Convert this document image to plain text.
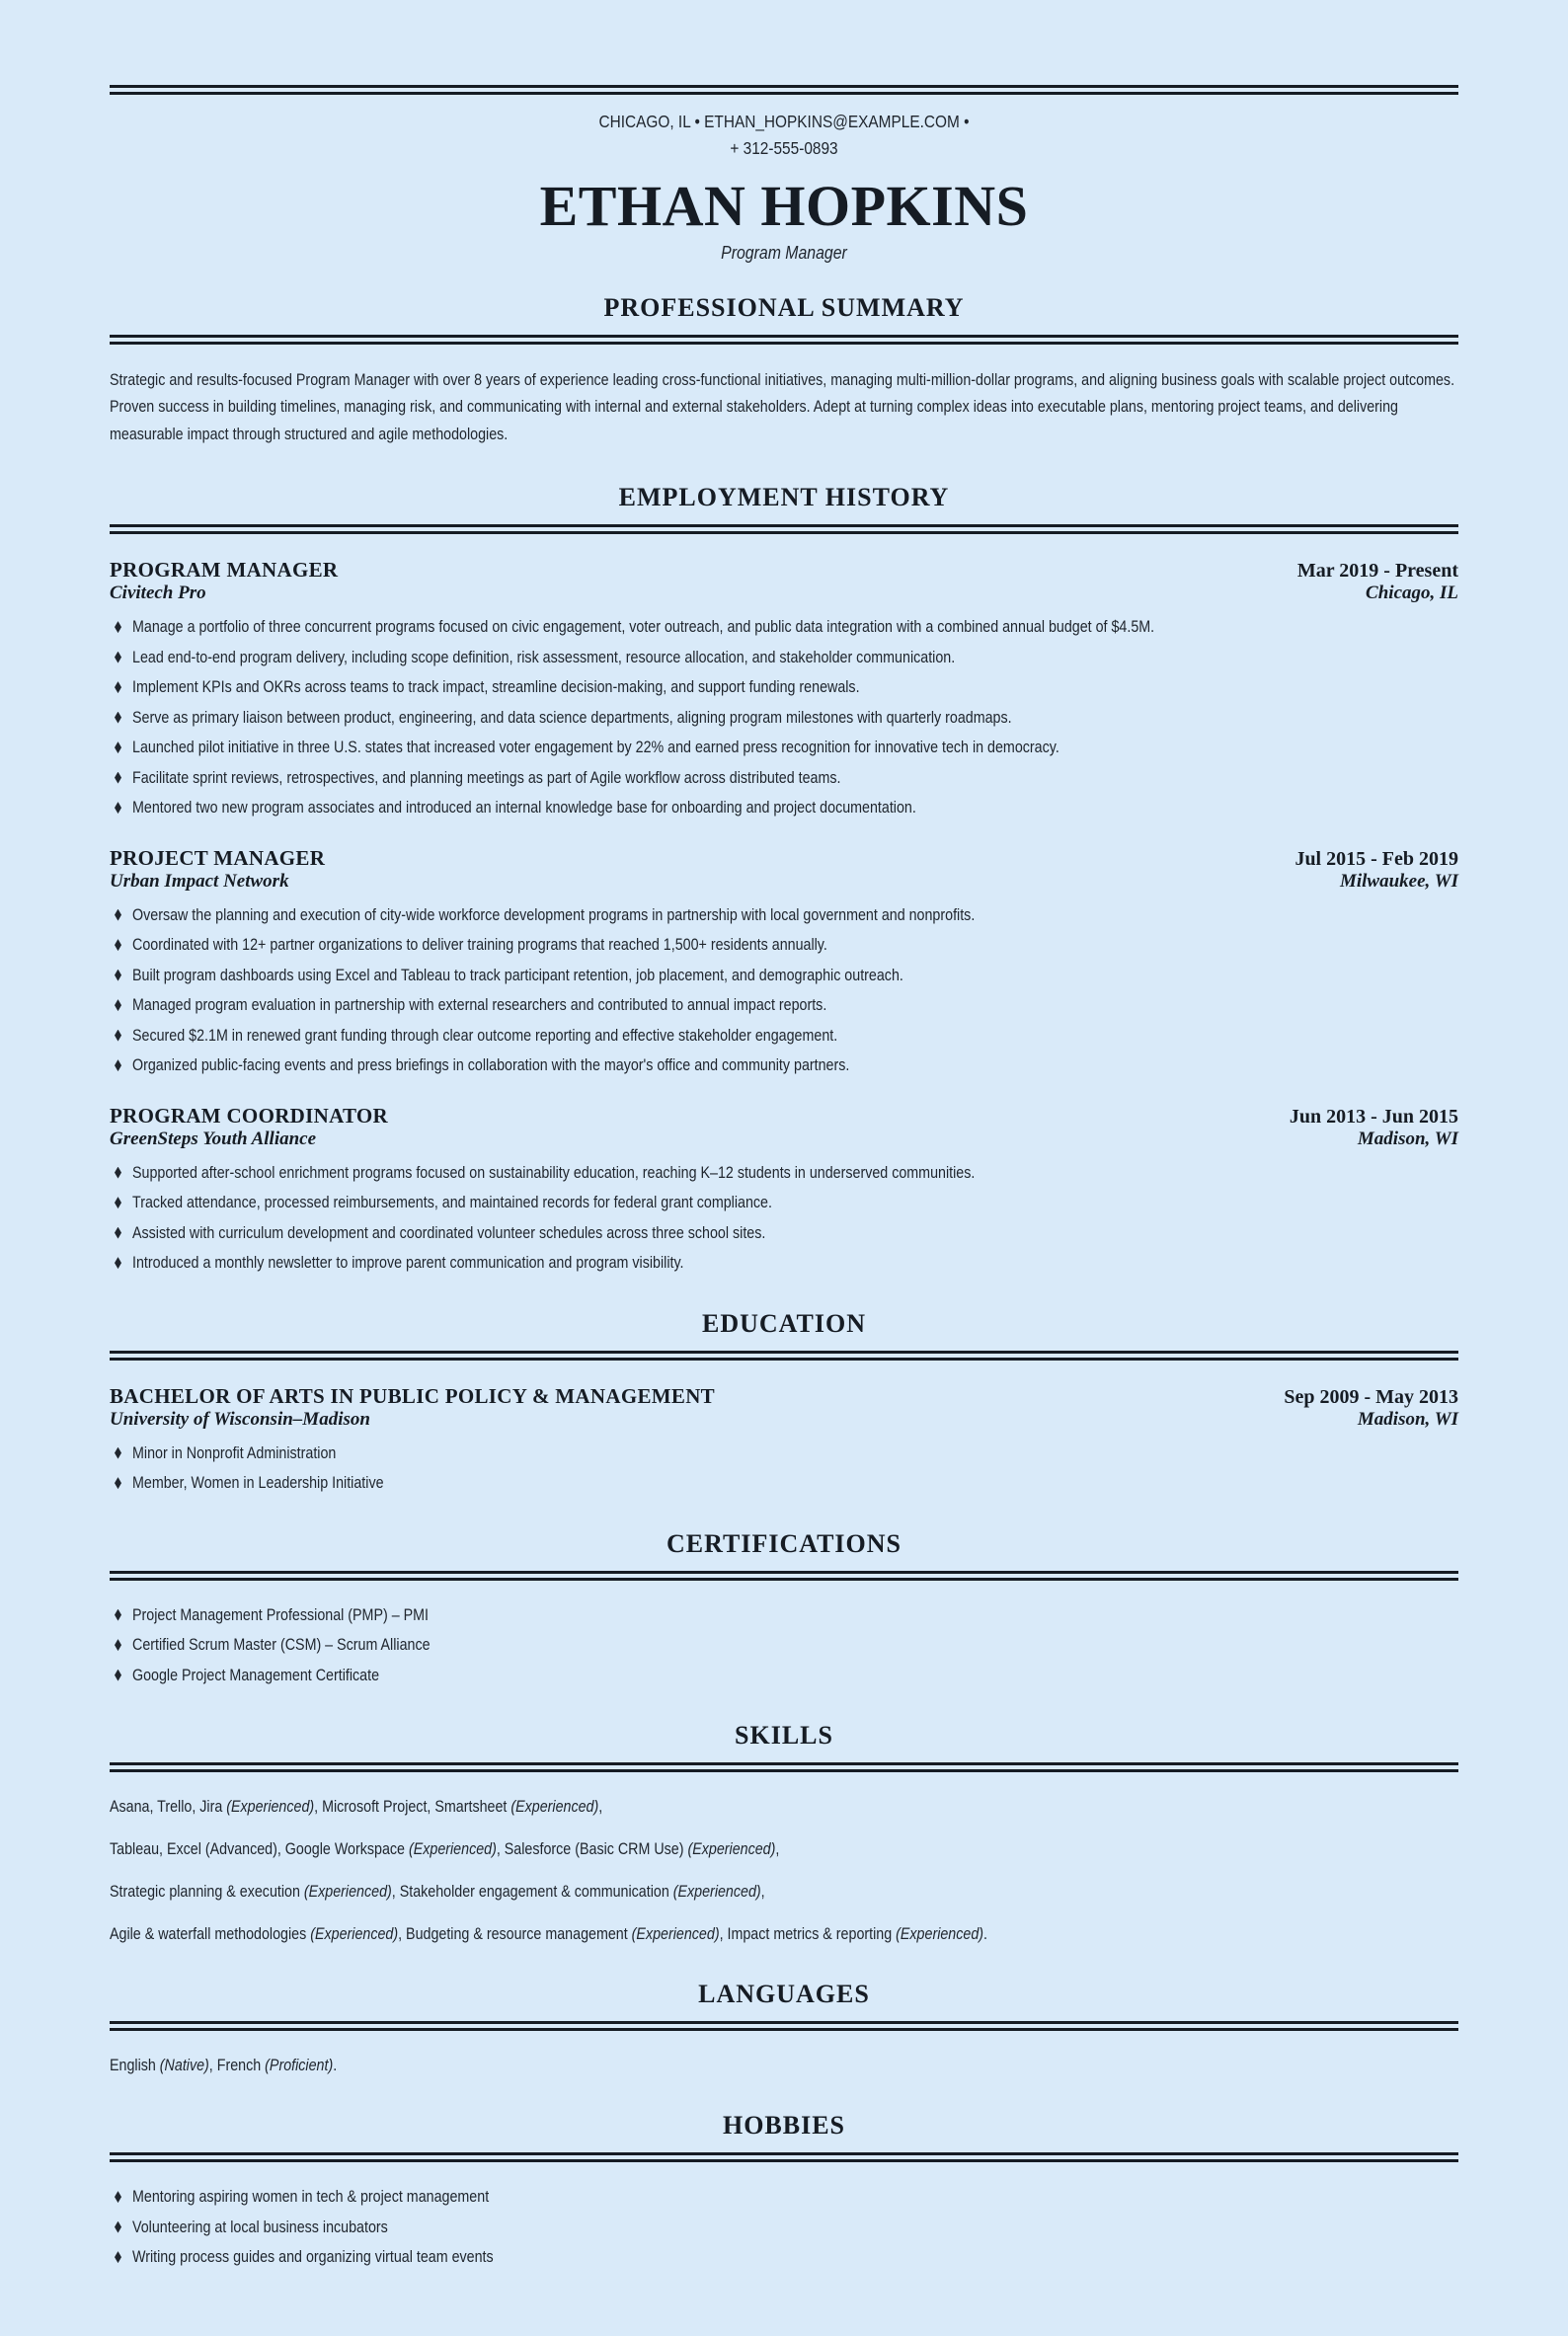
CHICAGO, IL • ETHAN_HOPKINS@EXAMPLE.COM •

+ 312-555-0893

ETHAN HOPKINS

Program Manager

PROFESSIONAL SUMMARY

Strategic and results-focused Program Manager with over 8 years of experience leading cross-functional initiatives, managing multi-million-dollar programs, and aligning business goals with scalable project outcomes. Proven success in building timelines, managing risk, and communicating with internal and external stakeholders. Adept at turning complex ideas into executable plans, mentoring project teams, and delivering measurable impact through structured and agile methodologies.

EMPLOYMENT HISTORY
PROGRAM MANAGER	Mar 2019 - Present
Civitech Pro	Chicago, IL
Manage a portfolio of three concurrent programs focused on civic engagement, voter outreach, and public data integration with a combined annual budget of $4.5M.
Lead end-to-end program delivery, including scope definition, risk assessment, resource allocation, and stakeholder communication.
Implement KPIs and OKRs across teams to track impact, streamline decision-making, and support funding renewals.
Serve as primary liaison between product, engineering, and data science departments, aligning program milestones with quarterly roadmaps.
Launched pilot initiative in three U.S. states that increased voter engagement by 22% and earned press recognition for innovative tech in democracy.
Facilitate sprint reviews, retrospectives, and planning meetings as part of Agile workflow across distributed teams.
Mentored two new program associates and introduced an internal knowledge base for onboarding and project documentation.
PROJECT MANAGER	Jul 2015 - Feb 2019
Urban Impact Network	Milwaukee, WI
Oversaw the planning and execution of city-wide workforce development programs in partnership with local government and nonprofits.
Coordinated with 12+ partner organizations to deliver training programs that reached 1,500+ residents annually.
Built program dashboards using Excel and Tableau to track participant retention, job placement, and demographic outreach.
Managed program evaluation in partnership with external researchers and contributed to annual impact reports.
Secured $2.1M in renewed grant funding through clear outcome reporting and effective stakeholder engagement.
Organized public-facing events and press briefings in collaboration with the mayor's office and community partners.
PROGRAM COORDINATOR	Jun 2013 - Jun 2015
GreenSteps Youth Alliance	Madison, WI
Supported after-school enrichment programs focused on sustainability education, reaching K–12 students in underserved communities.
Tracked attendance, processed reimbursements, and maintained records for federal grant compliance.
Assisted with curriculum development and coordinated volunteer schedules across three school sites.
Introduced a monthly newsletter to improve parent communication and program visibility.
EDUCATION
BACHELOR OF ARTS IN PUBLIC POLICY & MANAGEMENT	Sep 2009 - May 2013
University of Wisconsin–Madison	Madison, WI
Minor in Nonprofit Administration
Member, Women in Leadership Initiative
CERTIFICATIONS
Project Management Professional (PMP) – PMI
Certified Scrum Master (CSM) – Scrum Alliance
Google Project Management Certificate
SKILLS

Asana, Trello, Jira (Experienced), Microsoft Project, Smartsheet (Experienced),

Tableau, Excel (Advanced), Google Workspace (Experienced), Salesforce (Basic CRM Use) (Experienced),

Strategic planning & execution (Experienced), Stakeholder engagement & communication (Experienced),

Agile & waterfall methodologies (Experienced), Budgeting & resource management (Experienced), Impact metrics & reporting (Experienced).

LANGUAGES

English (Native), French (Proficient).

HOBBIES
Mentoring aspiring women in tech & project management
Volunteering at local business incubators
Writing process guides and organizing virtual team events
